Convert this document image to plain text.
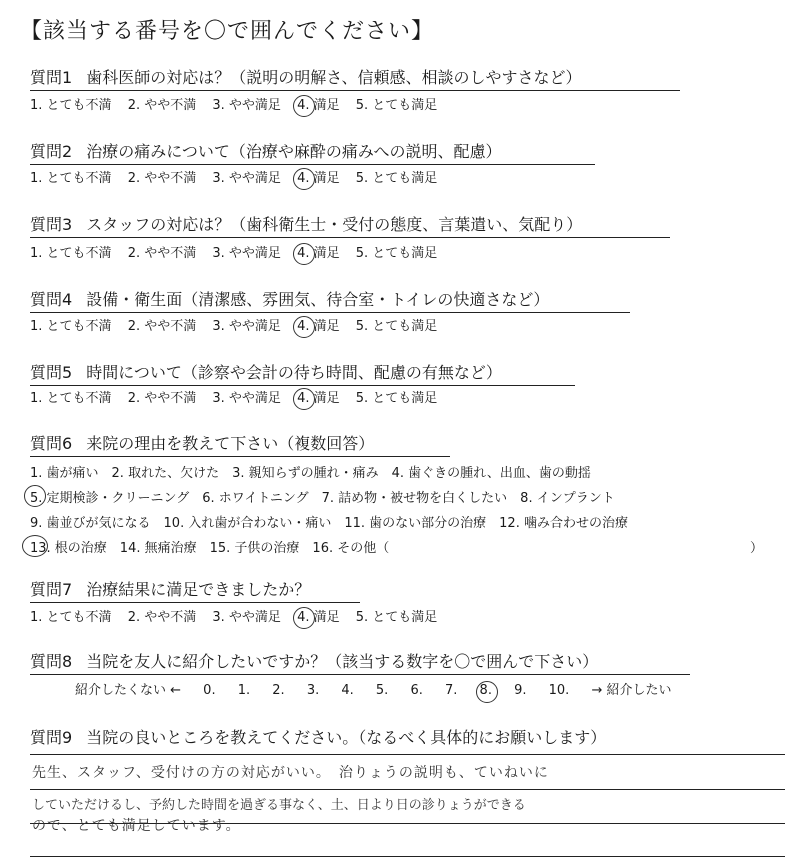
【該当する番号を〇で囲んでください】
質問1 歯科医師の対応は？（説明の明解さ、信頼感、相談のしやすさなど）
1. とても不満 2. やや不満 3. やや満足 4. 満足 5. とても満足
質問2 治療の痛みについて（治療や麻酔の痛みへの説明、配慮）
1. とても不満 2. やや不満 3. やや満足 4. 満足 5. とても満足
質問3 スタッフの対応は？（歯科衛生士・受付の態度、言葉遣い、気配り）
1. とても不満 2. やや不満 3. やや満足 4. 満足 5. とても満足
質問4 設備・衛生面（清潔感、雰囲気、待合室・トイレの快適さなど）
1. とても不満 2. やや不満 3. やや満足 4. 満足 5. とても満足
質問5 時間について（診察や会計の待ち時間、配慮の有無など）
1. とても不満 2. やや不満 3. やや満足 4. 満足 5. とても満足
質問6 来院の理由を教えて下さい（複数回答）
1. 歯が痛い　2. 取れた、欠けた　3. 親知らずの腫れ・痛み　4. 歯ぐきの腫れ、出血、歯の動揺
5. 定期検診・クリーニング　6. ホワイトニング　7. 詰め物・被せ物を白くしたい　8. インプラント
9. 歯並びが気になる　10. 入れ歯が合わない・痛い　11. 歯のない部分の治療　12. 噛み合わせの治療
13. 根の治療　14. 無痛治療　15. 子供の治療　16. その他（	）
質問7 治療結果に満足できましたか？
1. とても不満 2. やや不満 3. やや満足 4. 満足 5. とても満足
質問8 当院を友人に紹介したいですか？（該当する数字を〇で囲んで下さい）
紹介したくない ← 0. 1. 2. 3. 4. 5. 6. 7. 8. 9. 10. → 紹介したい
質問9 当院の良いところを教えてください。（なるべく具体的にお願いします）
先生、スタッフ、受付けの方の対応がいい。　治りょうの説明も、ていねいに
していただけるし、予約した時間を過ぎる事なく、土、日より日の診りょうができる
ので、とても満足しています。
